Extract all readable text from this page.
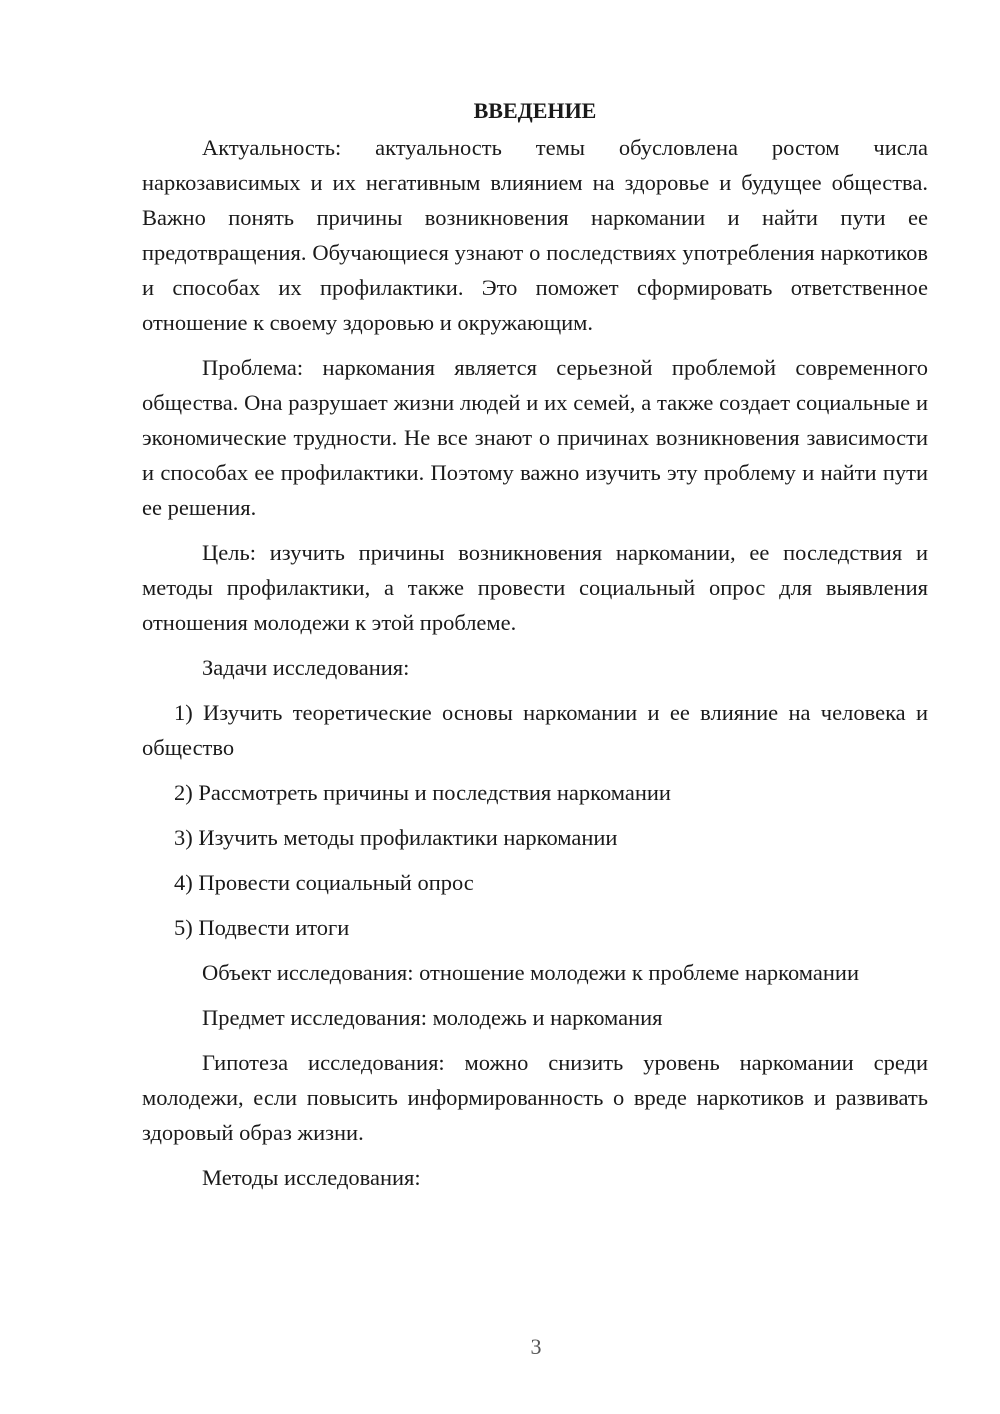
ВВЕДЕНИЕ

Актуальность: актуальность темы обусловлена ростом числа наркозависимых и их негативным влиянием на здоровье и будущее общества. Важно понять причины возникновения наркомании и найти пути ее предотвращения. Обучающиеся узнают о последствиях употребления наркотиков и способах их профилактики. Это поможет сформировать ответственное отношение к своему здоровью и окружающим.

Проблема: наркомания является серьезной проблемой современного общества. Она разрушает жизни людей и их семей, а также создает социальные и экономические трудности. Не все знают о причинах возникновения зависимости и способах ее профилактики. Поэтому важно изучить эту проблему и найти пути ее решения.

Цель: изучить причины возникновения наркомании, ее последствия и методы профилактики, а также провести социальный опрос для выявления отношения молодежи к этой проблеме.

Задачи исследования:

1) Изучить теоретические основы наркомании и ее влияние на человека и общество

2) Рассмотреть причины и последствия наркомании

3) Изучить методы профилактики наркомании

4) Провести социальный опрос

5) Подвести итоги

Объект исследования: отношение молодежи к проблеме наркомании

Предмет исследования: молодежь и наркомания

Гипотеза исследования: можно снизить уровень наркомании среди молодежи, если повысить информированность о вреде наркотиков и развивать здоровый образ жизни.

Методы исследования:

3
